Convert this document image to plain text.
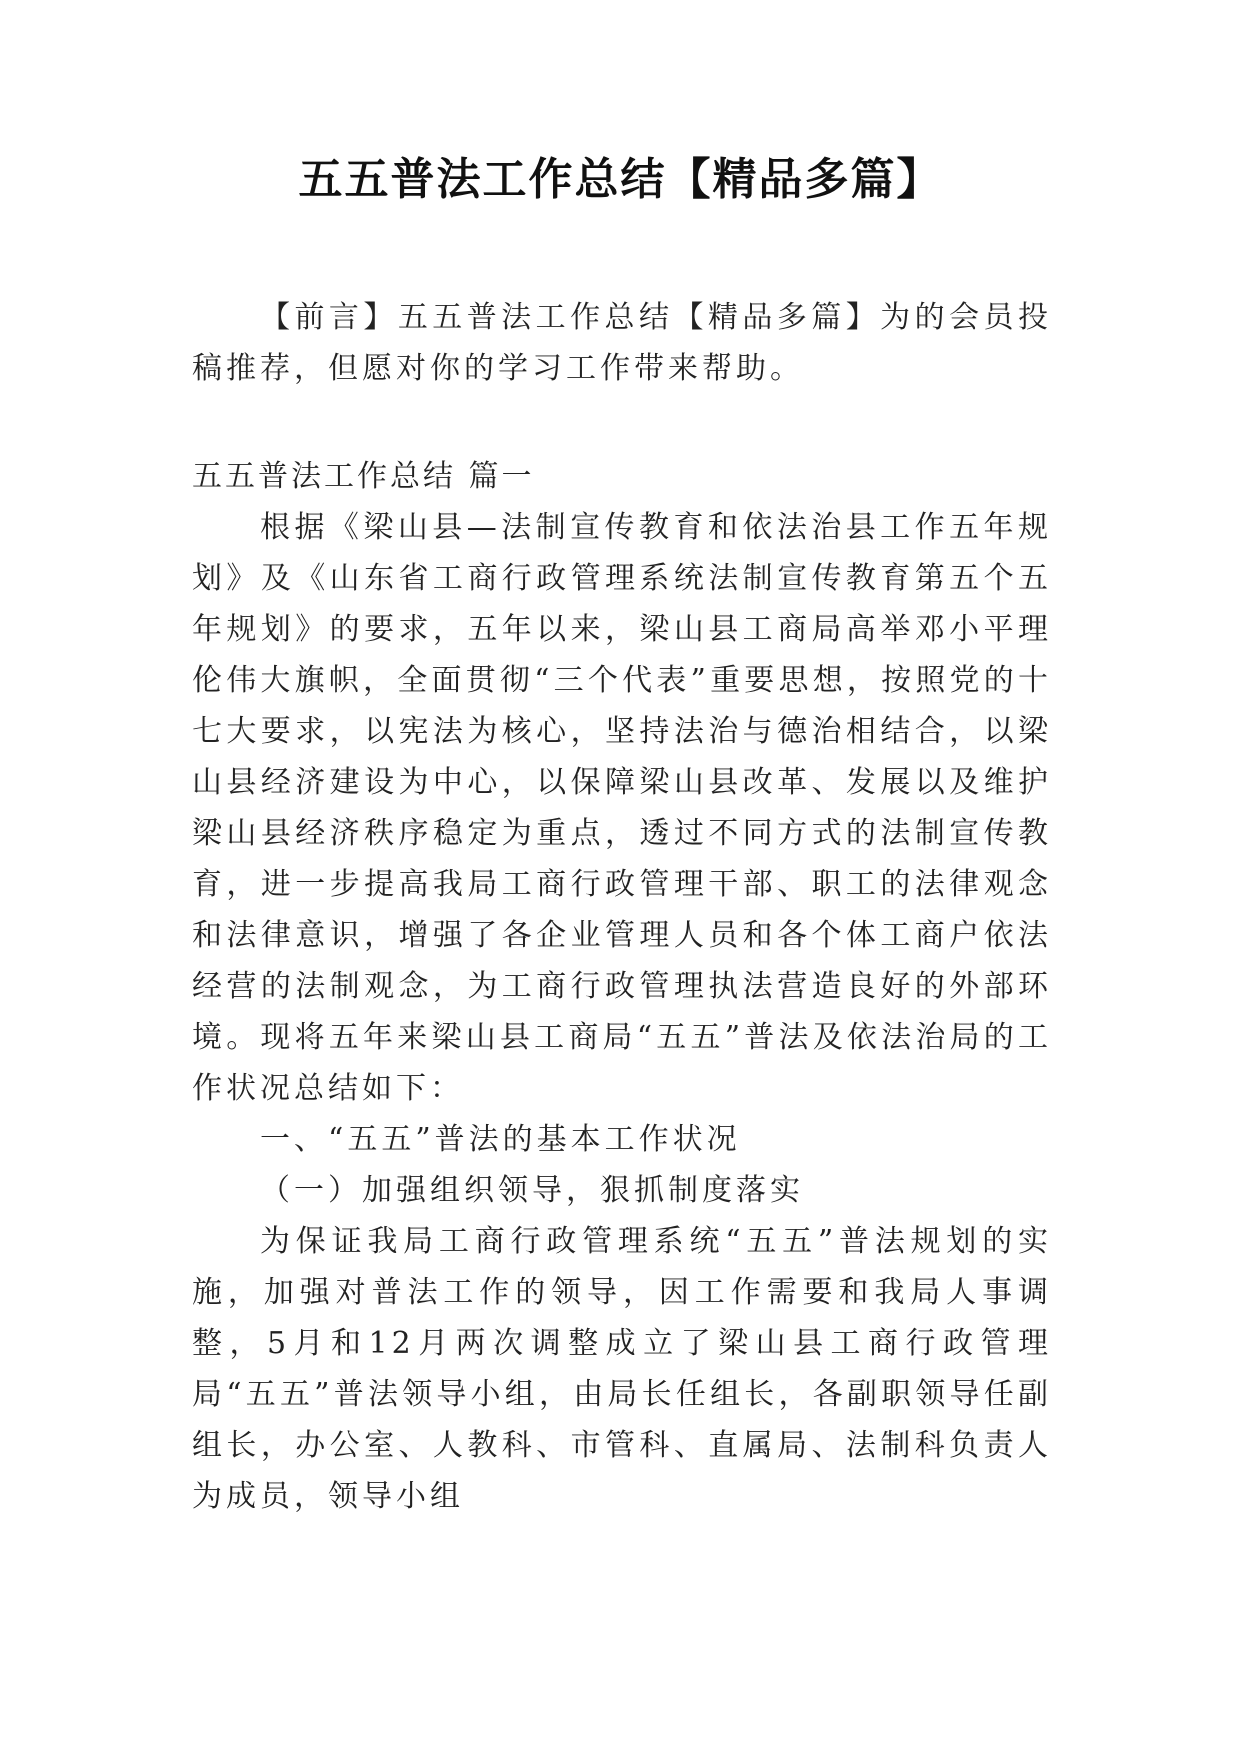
五五普法工作总结【精品多篇】

【前言】五五普法工作总结【精品多篇】为的会员投稿推荐，但愿对你的学习工作带来帮助。

五五普法工作总结 篇一

根据《梁山县—法制宣传教育和依法治县工作五年规划》及《山东省工商行政管理系统法制宣传教育第五个五年规划》的要求，五年以来，梁山县工商局高举邓小平理伦伟大旗帜，全面贯彻“三个代表”重要思想，按照党的十七大要求，以宪法为核心，坚持法治与德治相结合，以梁山县经济建设为中心，以保障梁山县改革、发展以及维护梁山县经济秩序稳定为重点，透过不同方式的法制宣传教育，进一步提高我局工商行政管理干部、职工的法律观念和法律意识，增强了各企业管理人员和各个体工商户依法经营的法制观念，为工商行政管理执法营造良好的外部环境。现将五年来梁山县工商局“五五”普法及依法治局的工作状况总结如下：

一、“五五”普法的基本工作状况

（一）加强组织领导，狠抓制度落实

为保证我局工商行政管理系统“五五”普法规划的实施，加强对普法工作的领导，因工作需要和我局人事调整，5月和12月两次调整成立了梁山县工商行政管理局“五五”普法领导小组，由局长任组长，各副职领导任副组长，办公室、人教科、市管科、直属局、法制科负责人为成员，领导小组
